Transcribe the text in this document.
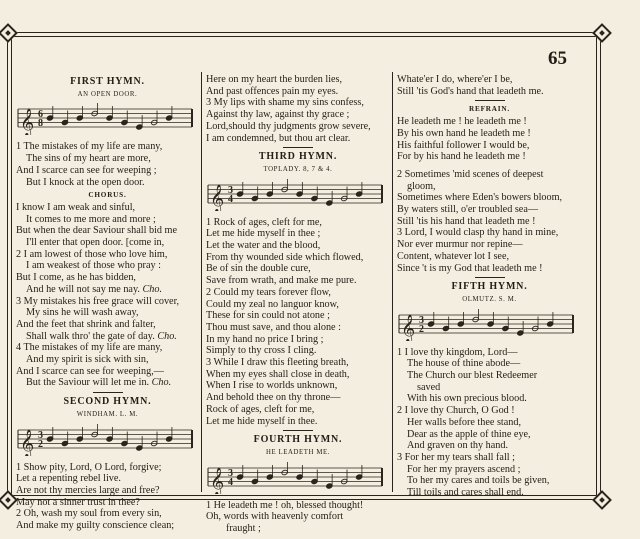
65
FIRST HYMN.
AN OPEN DOOR.
𝄞 6
8
1 The mistakes of my life are many,
The sins of my heart are more,
And I scarce can see for weeping ;
But I knock at the open door.
CHORUS.
I know I am weak and sinful,
It comes to me more and more ;
But when the dear Saviour shall bid me
I'll enter that open door. [come in,
2 I am lowest of those who love him,
I am weakest of those who pray :
But I come, as he has bidden,
And he will not say me nay. Cho.
3 My mistakes his free grace will cover,
My sins he will wash away,
And the feet that shrink and falter,
Shall walk thro' the gate of day. Cho.
4 The mistakes of my life are many,
And my spirit is sick with sin,
And I scarce can see for weeping,—
But the Saviour will let me in. Cho.
SECOND HYMN.
WINDHAM. L. M.
𝄞 3
2
1 Show pity, Lord, O Lord, forgive;
Let a repenting rebel live.
Are not thy mercies large and free?
May not a sinner trust in thee?
2 Oh, wash my soul from every sin,
And make my guilty conscience clean;
Here on my heart the burden lies,
And past offences pain my eyes.
3 My lips with shame my sins confess,
Against thy law, against thy grace ;
Lord,should thy judgments grow severe,
I am condemned, but thou art clear.
THIRD HYMN.
TOPLADY. 8, 7 & 4.
𝄞 3
4
1 Rock of ages, cleft for me,
Let me hide myself in thee ;
Let the water and the blood,
From thy wounded side which flowed,
Be of sin the double cure,
Save from wrath, and make me pure.
2 Could my tears forever flow,
Could my zeal no languor know,
These for sin could not atone ;
Thou must save, and thou alone :
In my hand no price I bring ;
Simply to thy cross I cling.
3 While I draw this fleeting breath,
When my eyes shall close in death,
When I rise to worlds unknown,
And behold thee on thy throne—
Rock of ages, cleft for me,
Let me hide myself in thee.
FOURTH HYMN.
HE LEADETH ME.
𝄞 3
4
1 He leadeth me ! oh, blessed thought!
Oh, words with heavenly comfort
fraught ;
Whate'er I do, where'er I be,
Still 'tis God's hand that leadeth me.
REFRAIN.
He leadeth me ! he leadeth me !
By his own hand he leadeth me !
His faithful follower I would be,
For by his hand he leadeth me !
2 Sometimes 'mid scenes of deepest
gloom,
Sometimes where Eden's bowers bloom,
By waters still, o'er troubled sea—
Still 'tis his hand that leadeth me !
3 Lord, I would clasp thy hand in mine,
Nor ever murmur nor repine—
Content, whatever lot I see,
Since 't is my God that leadeth me !
FIFTH HYMN.
OLMUTZ. S. M.
𝄞 3
2
1 I love thy kingdom, Lord—
The house of thine abode—
The Church our blest Redeemer
saved
With his own precious blood.
2 I love thy Church, O God !
Her walls before thee stand,
Dear as the apple of thine eye,
And graven on thy hand.
3 For her my tears shall fall ;
For her my prayers ascend ;
To her my cares and toils be given,
Till toils and cares shall end.
